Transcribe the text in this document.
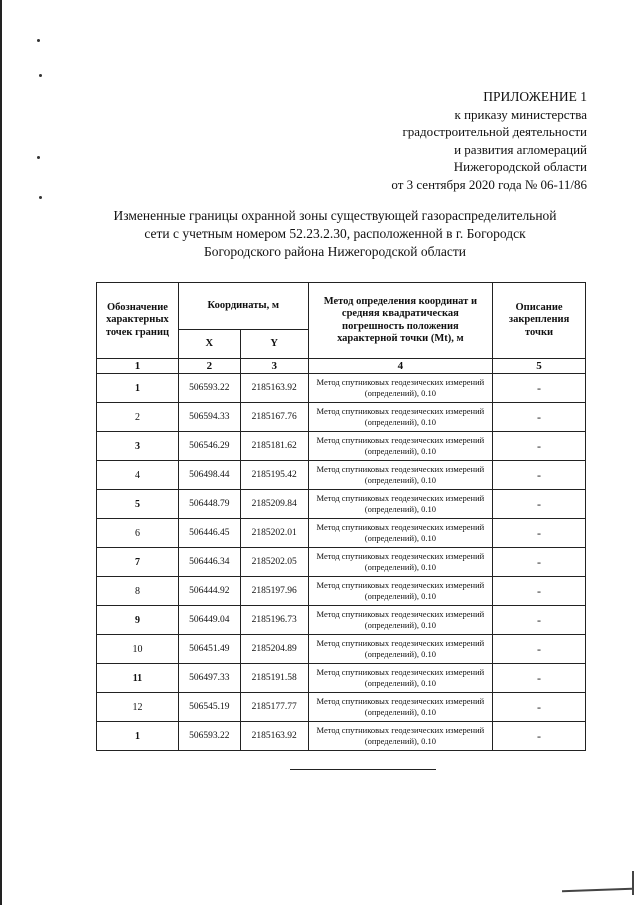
ПРИЛОЖЕНИЕ 1
к приказу министерства
градостроительной деятельности
и развития агломераций
Нижегородской области
от 3 сентября 2020 года № 06-11/86
Измененные границы охранной зоны существующей газораспределительной
сети с учетным номером 52.23.2.30, расположенной в г. Богородск
Богородского района Нижегородской области
Обозначение характерных точек границ	Координаты, м		Метод определения координат и средняя квадратическая погрешность положения характерной точки (Mt), м	Описание закрепления точки
	X	Y		
1	2	3	4	5
1	506593.22	2185163.92	Метод спутниковых геодезических измерений (определений), 0.10	-
2	506594.33	2185167.76	Метод спутниковых геодезических измерений (определений), 0.10	-
3	506546.29	2185181.62	Метод спутниковых геодезических измерений (определений), 0.10	-
4	506498.44	2185195.42	Метод спутниковых геодезических измерений (определений), 0.10	-
5	506448.79	2185209.84	Метод спутниковых геодезических измерений (определений), 0.10	-
6	506446.45	2185202.01	Метод спутниковых геодезических измерений (определений), 0.10	-
7	506446.34	2185202.05	Метод спутниковых геодезических измерений (определений), 0.10	-
8	506444.92	2185197.96	Метод спутниковых геодезических измерений (определений), 0.10	-
9	506449.04	2185196.73	Метод спутниковых геодезических измерений (определений), 0.10	-
10	506451.49	2185204.89	Метод спутниковых геодезических измерений (определений), 0.10	-
11	506497.33	2185191.58	Метод спутниковых геодезических измерений (определений), 0.10	-
12	506545.19	2185177.77	Метод спутниковых геодезических измерений (определений), 0.10	-
1	506593.22	2185163.92	Метод спутниковых геодезических измерений (определений), 0.10	-
